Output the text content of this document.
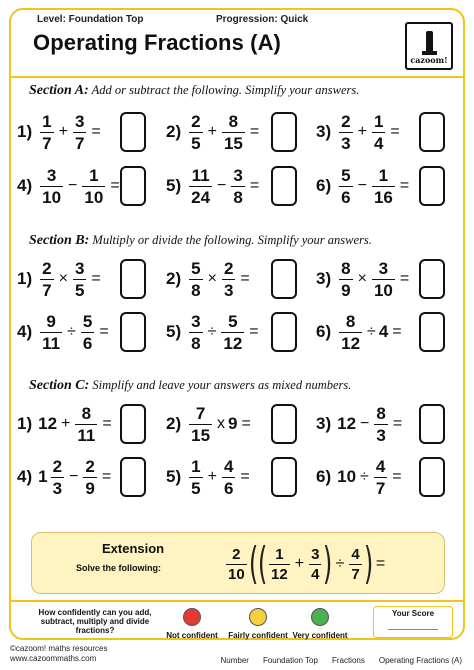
Level: Foundation Top	Progression: Quick
Operating Fractions (A)
cazoom!
Section A: Add or subtract the following. Simplify your answers.
Section B: Multiply or divide the following. Simplify your answers.
Section C: Simplify and leave your answers as mixed numbers.
$1) \frac{1}{7} + \frac{3}{7}$ =	$2) \frac{2}{5} + \frac{8}{15}$ =	$3) \frac{2}{3} + \frac{1}{4}$ =
$4) \frac{3}{10} - \frac{1}{10}$ =	$5) \frac{11}{24} - \frac{3}{8}$ =	$6) \frac{5}{6} - \frac{1}{16}$ =
$1) \frac{2}{7} \times \frac{3}{5}$ =	$2) \frac{5}{8} \times \frac{2}{3}$ =	$3) \frac{8}{9} \times \frac{3}{10}$ =
$4) \frac{9}{11} \div \frac{5}{6}$ =	$5) \frac{3}{8} \div \frac{5}{12}$ =	$6) \frac{8}{12} \div 4$ =
1) $12 + \frac{8}{11}$ =	$2) \frac{7}{15}$ x 9 =	3) $12 - \frac{8}{3}$ =
4) $1 \frac{2}{3} - \frac{2}{9}$ =	$5) \frac{1}{5} + \frac{4}{6}$ =	6) $10 \div \frac{4}{7}$ =
Extension
Solve the following:	$\frac{2}{10}$ ( ( $\frac{1}{12} + \frac{3}{4}$ ) ÷ $\frac{4}{7}$ ) =
How confidently can you add, subtract, multiply and divide fractions?
Not confident	Fairly confident Very confident
Your Score
©cazoom! maths resources
www.cazoommaths.com	Number Foundation Top Fractions Operating Fractions (A)
